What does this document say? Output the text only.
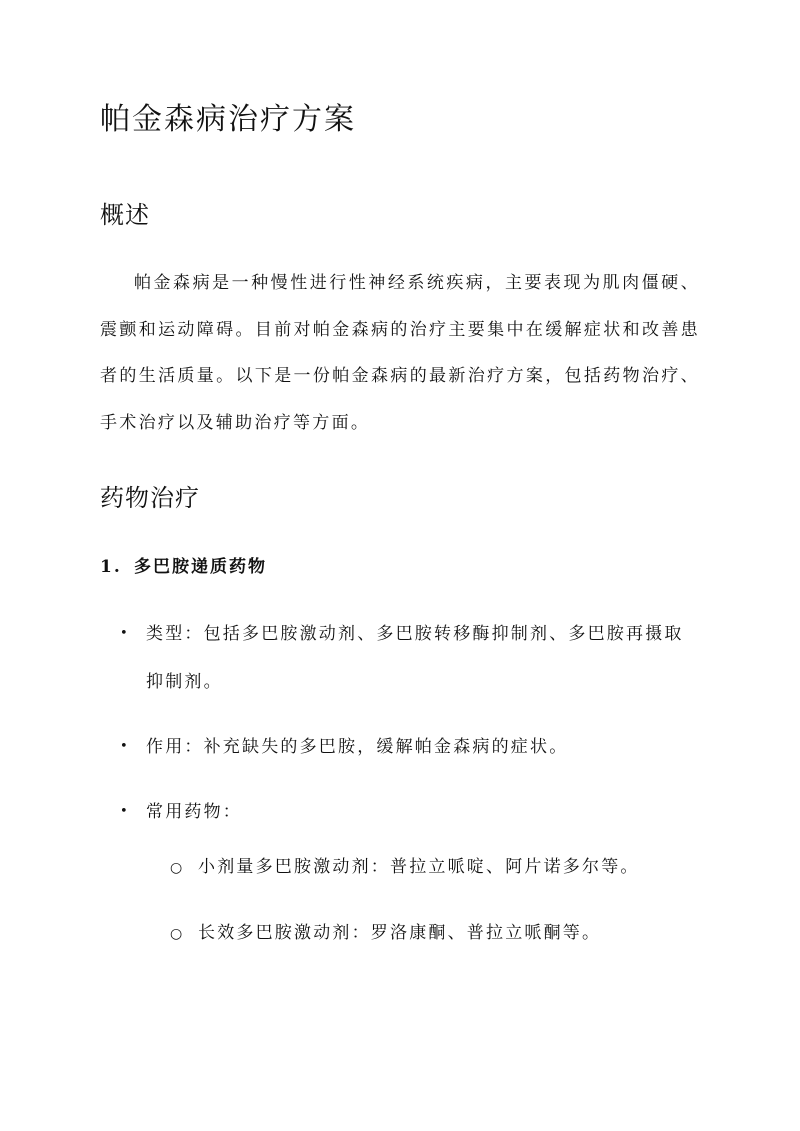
帕金森病治疗方案
概述

帕金森病是一种慢性进行性神经系统疾病，主要表现为肌肉僵硬、震颤和运动障碍。目前对帕金森病的治疗主要集中在缓解症状和改善患者的生活质量。以下是一份帕金森病的最新治疗方案，包括药物治疗、手术治疗以及辅助治疗等方面。

药物治疗
1. 多巴胺递质药物
• 类型：包括多巴胺激动剂、多巴胺转移酶抑制剂、多巴胺再摄取抑制剂。
• 作用：补充缺失的多巴胺，缓解帕金森病的症状。
• 常用药物：
○ 小剂量多巴胺激动剂：普拉立哌啶、阿片诺多尔等。
○ 长效多巴胺激动剂：罗洛康酮、普拉立哌酮等。
